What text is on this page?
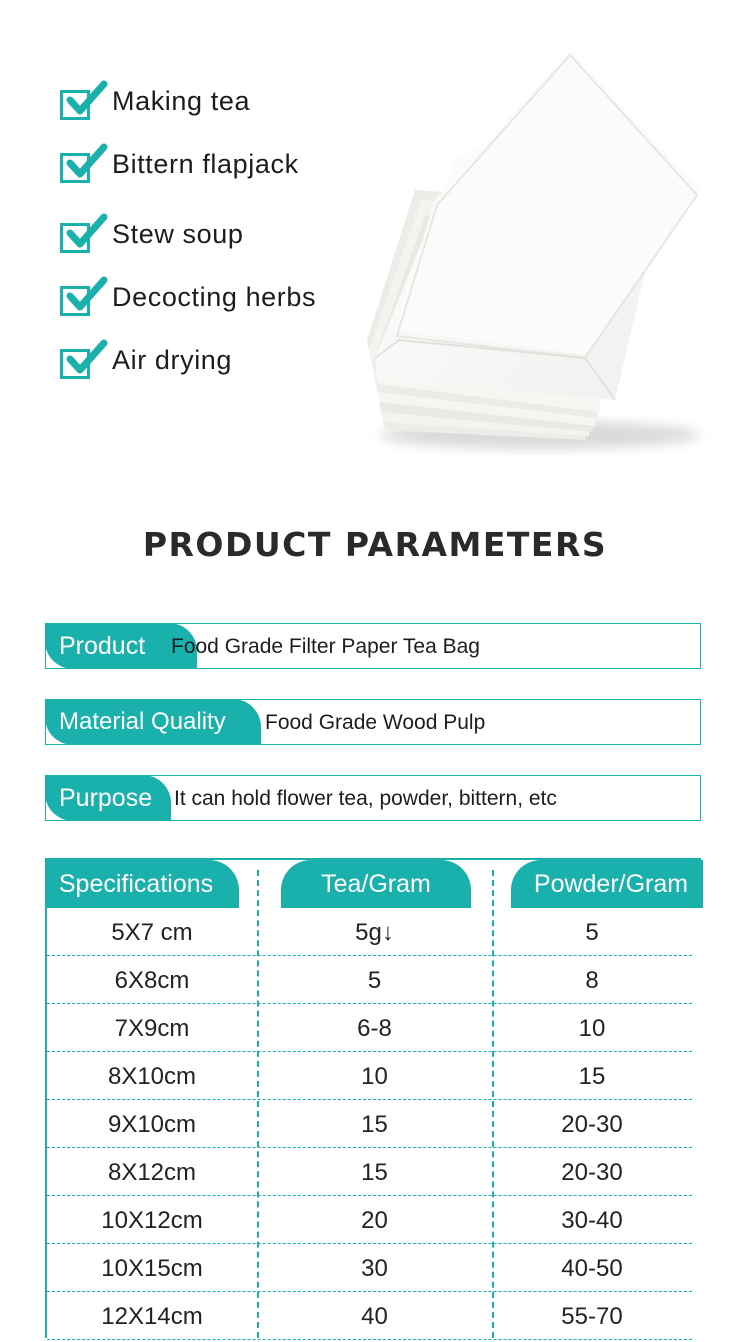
Making tea
Bittern flapjack
Stew soup
Decocting herbs
Air drying
PRODUCT PARAMETERS
Product	Food Grade Filter Paper Tea Bag
Material Quality	Food Grade Wood Pulp
Purpose	It can hold flower tea, powder, bittern, etc
Specifications	Tea/Gram	Powder/Gram
5X7 cm	5g↓	5
6X8cm	5	8
7X9cm	6-8	10
8X10cm	10	15
9X10cm	15	20-30
8X12cm	15	20-30
10X12cm	20	30-40
10X15cm	30	40-50
12X14cm	40	55-70
